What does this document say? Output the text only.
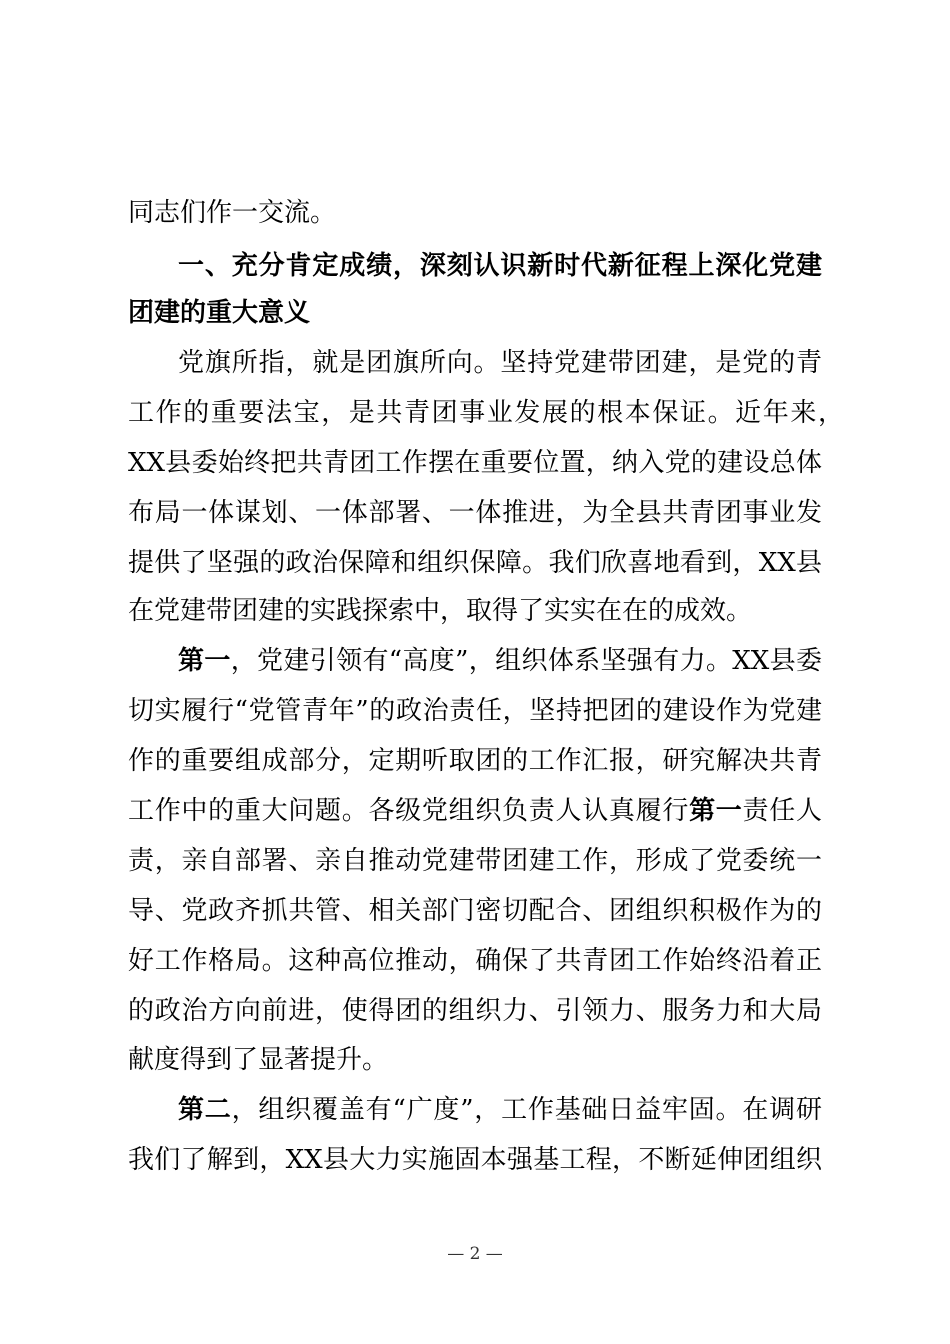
同志们作一交流。
一、充分肯定成绩，深刻认识新时代新征程上深化党建
团建的重大意义
党旗所指，就是团旗所向。坚持党建带团建，是党的青
工作的重要法宝，是共青团事业发展的根本保证。近年来，
XX县委始终把共青团工作摆在重要位置，纳入党的建设总体
布局一体谋划、一体部署、一体推进，为全县共青团事业发
提供了坚强的政治保障和组织保障。我们欣喜地看到，XX县
在党建带团建的实践探索中，取得了实实在在的成效。
第一，党建引领有“高度”，组织体系坚强有力。XX县委
切实履行“党管青年”的政治责任，坚持把团的建设作为党建
作的重要组成部分，定期听取团的工作汇报，研究解决共青
工作中的重大问题。各级党组织负责人认真履行第一责任人
责，亲自部署、亲自推动党建带团建工作，形成了党委统一
导、党政齐抓共管、相关部门密切配合、团组织积极作为的
好工作格局。这种高位推动，确保了共青团工作始终沿着正
的政治方向前进，使得团的组织力、引领力、服务力和大局
献度得到了显著提升。
第二，组织覆盖有“广度”，工作基础日益牢固。在调研
我们了解到，XX县大力实施固本强基工程，不断延伸团组织
— 2 —
